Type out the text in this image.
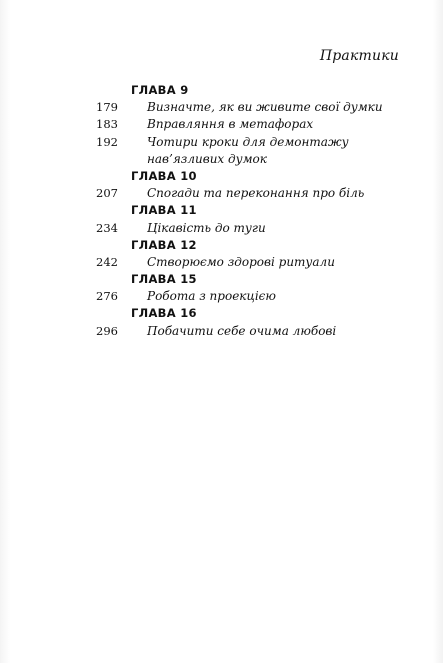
Практики
ГЛАВА 9
179 Визначте, як ви живите свої думки
183 Вправляння в метафорах
192 Чотири кроки для демонтажу
нав’язливих думок
ГЛАВА 10
207 Спогади та переконання про біль
ГЛАВА 11
234 Цікавість до туги
ГЛАВА 12
242 Створюємо здорові ритуали
ГЛАВА 15
276 Робота з проекцією
ГЛАВА 16
296 Побачити себе очима любові
